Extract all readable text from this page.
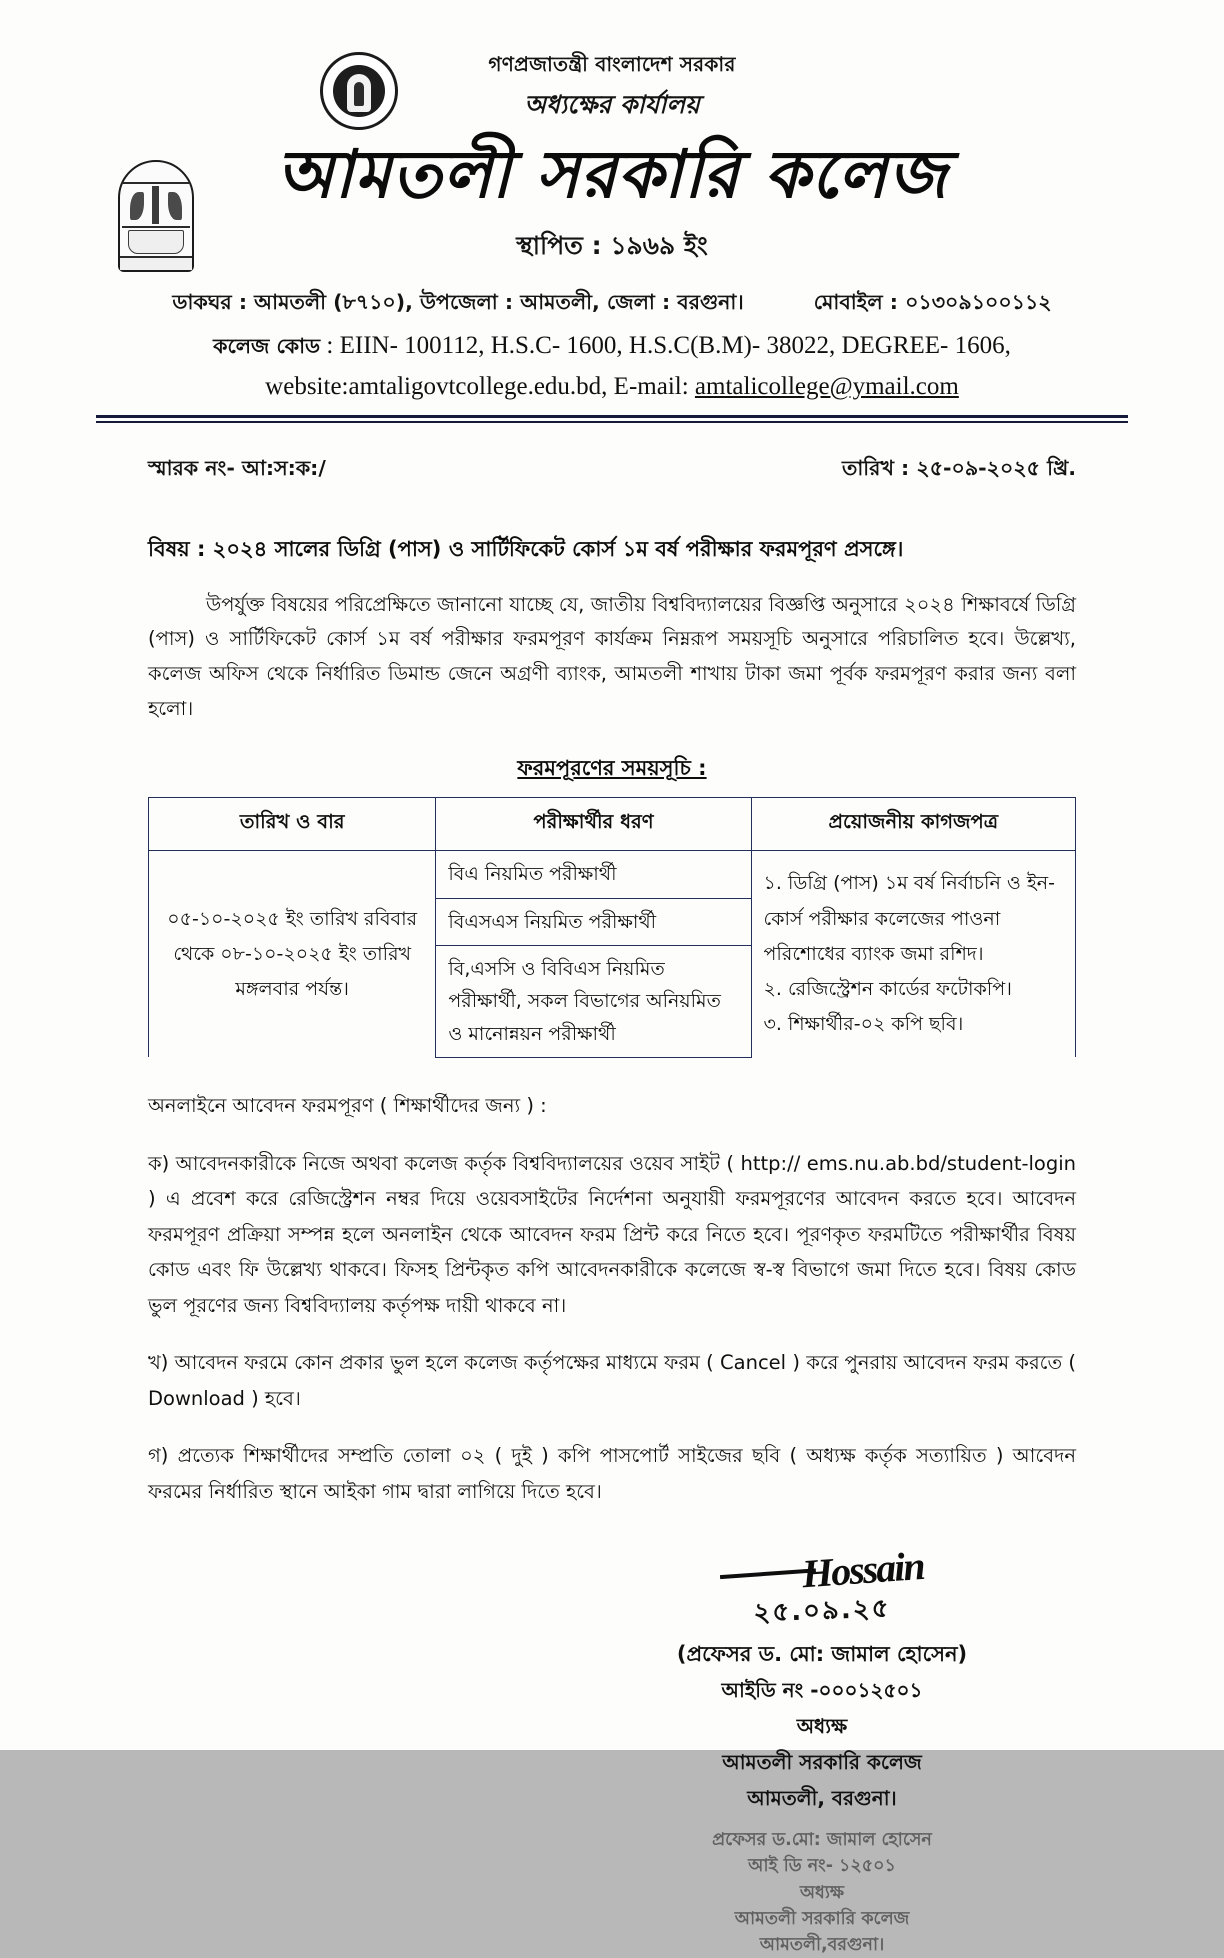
গণপ্রজাতন্ত্রী বাংলাদেশ সরকার
অধ্যক্ষের কার্যালয়
আমতলী সরকারি কলেজ
স্থাপিত : ১৯৬৯ ইং
ডাকঘর : আমতলী (৮৭১০), উপজেলা : আমতলী, জেলা : বরগুনা।	মোবাইল : ০১৩০৯১০০১১২
কলেজ কোড : EIIN- 100112, H.S.C- 1600, H.S.C(B.M)- 38022, DEGREE- 1606,
website:amtaligovtcollege.edu.bd, E-mail: amtalicollege@ymail.com
স্মারক নং- আ:স:ক:/	তারিখ : ২৫-০৯-২০২৫ খ্রি.
বিষয় : ২০২৪ সালের ডিগ্রি (পাস) ও সার্টিফিকেট কোর্স ১ম বর্ষ পরীক্ষার ফরমপূরণ প্রসঙ্গে।
উপর্যুক্ত বিষয়ের পরিপ্রেক্ষিতে জানানো যাচ্ছে যে, জাতীয় বিশ্ববিদ্যালয়ের বিজ্ঞপ্তি অনুসারে ২০২৪ শিক্ষাবর্ষে ডিগ্রি (পাস) ও সার্টিফিকেট কোর্স ১ম বর্ষ পরীক্ষার ফরমপূরণ কার্যক্রম নিম্নরূপ সময়সূচি অনুসারে পরিচালিত হবে। উল্লেখ্য, কলেজ অফিস থেকে নির্ধারিত ডিমান্ড জেনে অগ্রণী ব্যাংক, আমতলী শাখায় টাকা জমা পূর্বক ফরমপূরণ করার জন্য বলা হলো।
ফরমপূরণের সময়সূচি :
তারিখ ও বার	পরীক্ষার্থীর ধরণ	প্রয়োজনীয় কাগজপত্র

০৫-১০-২০২৫ ইং তারিখ রবিবার
থেকে ০৮-১০-২০২৫ ইং তারিখ
মঙ্গলবার পর্যন্ত।
	বিএ নিয়মিত পরীক্ষার্থী	১. ডিগ্রি (পাস) ১ম বর্ষ নির্বাচনি ও ইন-কোর্স পরীক্ষার কলেজের পাওনা পরিশোধের ব্যাংক জমা রশিদ।
২. রেজিস্ট্রেশন কার্ডের ফটোকপি।
৩. শিক্ষার্থীর-০২ কপি ছবি।

	বিএসএস নিয়মিত পরীক্ষার্থী	
	বি,এসসি ও বিবিএস নিয়মিত পরীক্ষার্থী, সকল বিভাগের অনিয়মিত ও মানোন্নয়ন পরীক্ষার্থী	
অনলাইনে আবেদন ফরমপূরণ ( শিক্ষার্থীদের জন্য ) :
ক) আবেদনকারীকে নিজে অথবা কলেজ কর্তৃক বিশ্ববিদ্যালয়ের ওয়েব সাইট ( http:// ems.nu.ab.bd/student-login ) এ প্রবেশ করে রেজিস্ট্রেশন নম্বর দিয়ে ওয়েবসাইটের নির্দেশনা অনুযায়ী ফরমপূরণের আবেদন করতে হবে। আবেদন ফরমপূরণ প্রক্রিয়া সম্পন্ন হলে অনলাইন থেকে আবেদন ফরম প্রিন্ট করে নিতে হবে। পূরণকৃত ফরমটিতে পরীক্ষার্থীর বিষয় কোড এবং ফি উল্লেখ্য থাকবে। ফিসহ প্রিন্টকৃত কপি আবেদনকারীকে কলেজে স্ব-স্ব বিভাগে জমা দিতে হবে। বিষয় কোড ভুল পূরণের জন্য বিশ্ববিদ্যালয় কর্তৃপক্ষ দায়ী থাকবে না।
খ) আবেদন ফরমে কোন প্রকার ভুল হলে কলেজ কর্তৃপক্ষের মাধ্যমে ফরম ( Cancel ) করে পুনরায় আবেদন ফরম করতে ( Download ) হবে।
গ) প্রত্যেক শিক্ষার্থীদের সম্প্রতি তোলা ০২ ( দুই ) কপি পাসপোর্ট সাইজের ছবি ( অধ্যক্ষ কর্তৃক সত্যায়িত ) আবেদন ফরমের নির্ধারিত স্থানে আইকা গাম দ্বারা লাগিয়ে দিতে হবে।
Hossain
২৫.০৯.২৫
(প্রফেসর ড. মো: জামাল হোসেন)
আইডি নং -০০০১২৫০১
অধ্যক্ষ
আমতলী সরকারি কলেজ
আমতলী, বরগুনা।
প্রফেসর ড.মো: জামাল হোসেন
আই ডি নং- ১২৫০১
অধ্যক্ষ
আমতলী সরকারি কলেজ
আমতলী,বরগুনা।
